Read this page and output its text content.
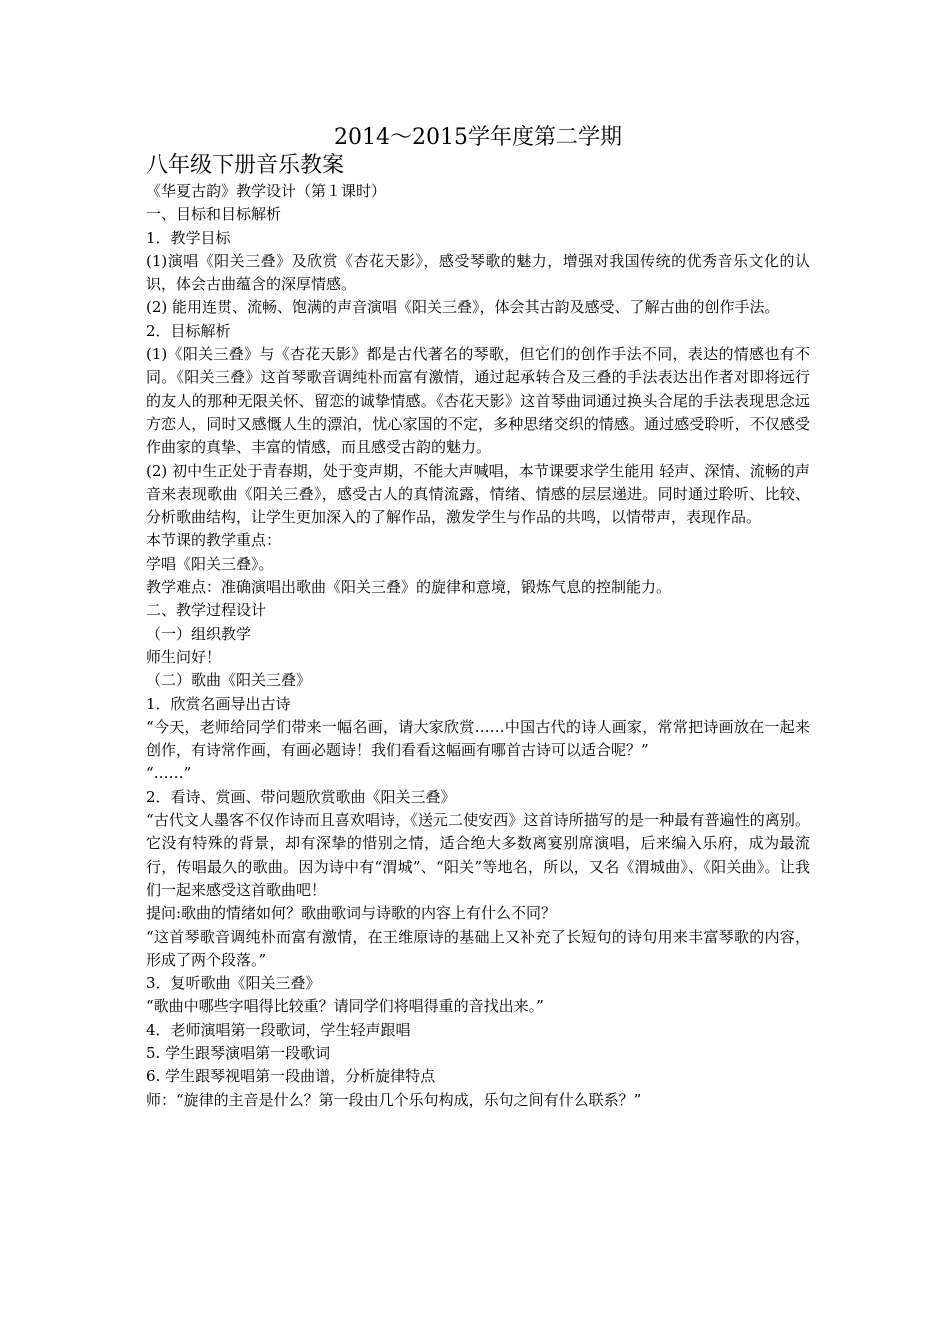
2014～2015学年度第二学期
八年级下册音乐教案

《华夏古韵》教学设计（第１课时）

一、目标和目标解析

1．教学目标

(1)演唱《阳关三叠》及欣赏《杏花天影》，感受琴歌的魅力，增强对我国传统的优秀音乐文化的认识，体会古曲蕴含的深厚情感。

(2) 能用连贯、流畅、饱满的声音演唱《阳关三叠》，体会其古韵及感受、了解古曲的创作手法。

2．目标解析

(1)《阳关三叠》与《杏花天影》都是古代著名的琴歌，但它们的创作手法不同，表达的情感也有不同。《阳关三叠》这首琴歌音调纯朴而富有激情，通过起承转合及三叠的手法表达出作者对即将远行的友人的那种无限关怀、留恋的诚挚情感。《杏花天影》这首琴曲词通过换头合尾的手法表现思念远方恋人，同时又感慨人生的漂泊，忧心家国的不定，多种思绪交织的情感。通过感受聆听，不仅感受作曲家的真挚、丰富的情感，而且感受古韵的魅力。

(2) 初中生正处于青春期，处于变声期，不能大声喊唱，本节课要求学生能用 轻声、深情、流畅的声音来表现歌曲《阳关三叠》，感受古人的真情流露，情绪、情感的层层递进。同时通过聆听、比较、分析歌曲结构，让学生更加深入的了解作品，激发学生与作品的共鸣，以情带声，表现作品。

本节课的教学重点：

学唱《阳关三叠》。

教学难点：准确演唱出歌曲《阳关三叠》的旋律和意境，锻炼气息的控制能力。

二、教学过程设计

（一）组织教学

师生问好！

（二）歌曲《阳关三叠》

1．欣赏名画导出古诗

“今天，老师给同学们带来一幅名画，请大家欣赏……中国古代的诗人画家，常常把诗画放在一起来创作，有诗常作画，有画必题诗！我们看看这幅画有哪首古诗可以适合呢？”

“……”

2．看诗、赏画、带问题欣赏歌曲《阳关三叠》

“古代文人墨客不仅作诗而且喜欢唱诗，《送元二使安西》这首诗所描写的是一种最有普遍性的离别。它没有特殊的背景，却有深挚的惜别之情，适合绝大多数离宴别席演唱，后来编入乐府，成为最流行，传唱最久的歌曲。因为诗中有“渭城”、“阳关”等地名，所以，又名《渭城曲》、《阳关曲》。让我们一起来感受这首歌曲吧！

提问:歌曲的情绪如何？歌曲歌词与诗歌的内容上有什么不同？

“这首琴歌音调纯朴而富有激情，在王维原诗的基础上又补充了长短句的诗句用来丰富琴歌的内容，形成了两个段落。”

3．复听歌曲《阳关三叠》

“歌曲中哪些字唱得比较重？请同学们将唱得重的音找出来。”

4．老师演唱第一段歌词，学生轻声跟唱

5. 学生跟琴演唱第一段歌词

6. 学生跟琴视唱第一段曲谱，分析旋律特点

师：“旋律的主音是什么？第一段由几个乐句构成，乐句之间有什么联系？”
